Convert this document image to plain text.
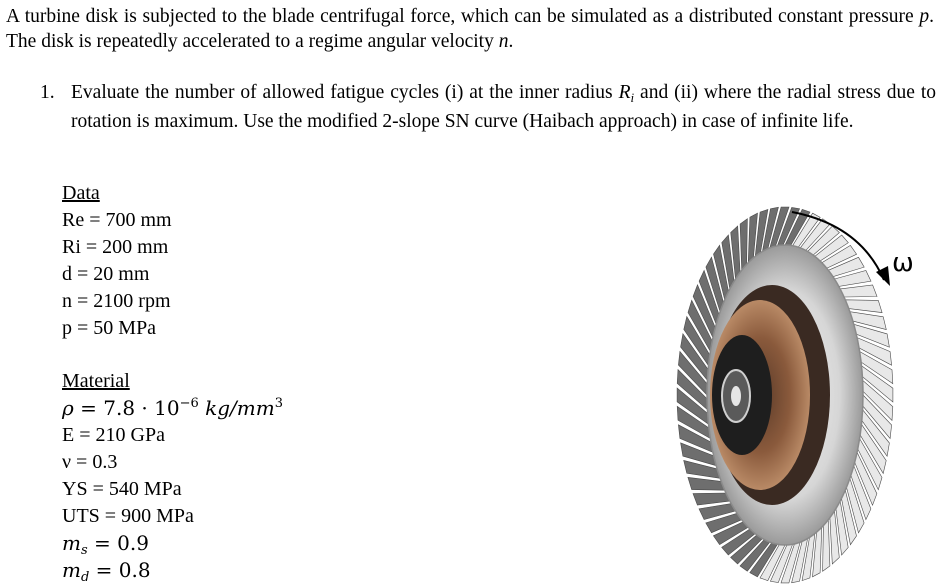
A turbine disk is subjected to the blade centrifugal force, which can be simulated as a distributed constant pressure p. The disk is repeatedly accelerated to a regime angular velocity n.
1. Evaluate the number of allowed fatigue cycles (i) at the inner radius $R_i$ and (ii) where the radial stress due to rotation is maximum. Use the modified 2-slope SN curve (Haibach approach) in case of infinite life.
Data
Re = 700 mm
Ri = 200 mm
d = 20 mm
n = 2100 rpm
p = 50 MPa
Material
$\rho = 7.8 \cdot 10^{-6}$ $kg/mm^3$
E = 210 GPa
ν = 0.3
YS = 540 MPa
UTS = 900 MPa
$m_s = 0.9$
$m_d = 0.8$
ω
